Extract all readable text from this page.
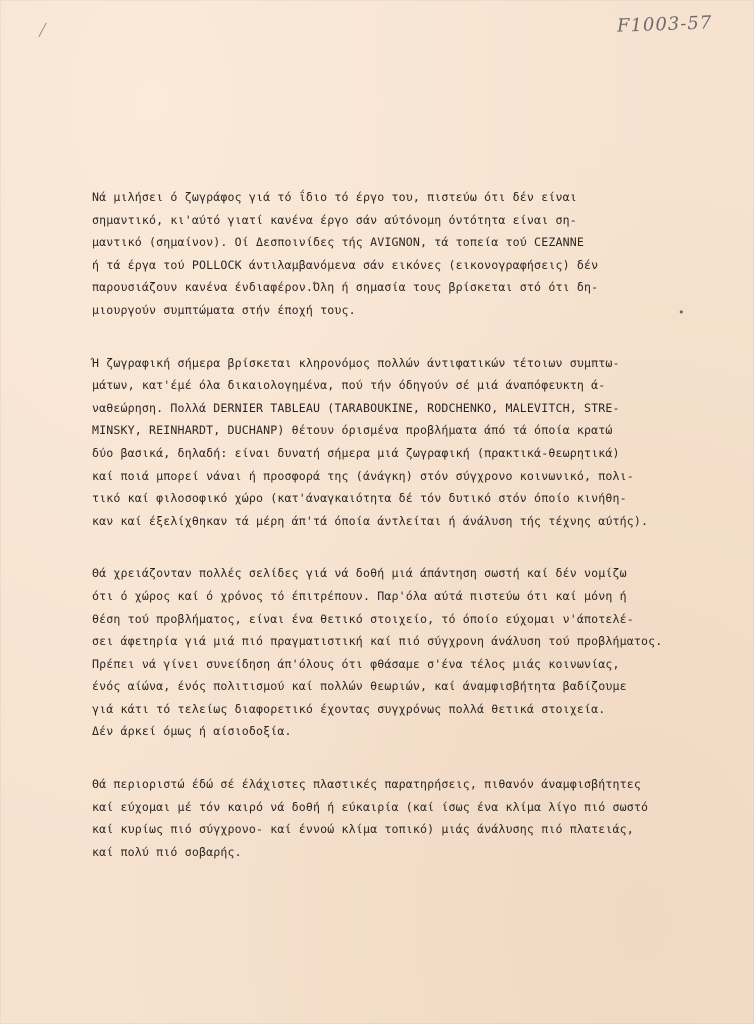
F1003-57
•
Νά μιλήσει ό ζωγράφος γιά τό ΐδιο τό έργο του, πιστεύω ότι δέν είναι
σημαντικό, κι'αύτό γιατί κανένα έργο σάν αύτόνομη όντότητα είναι ση-
μαντικό (σημαίνον). Οί Δεσποινίδες τής AVIGNON, τά τοπεία τού CEZANNE
ή τά έργα τού POLLOCK άντιλαμβανόμενα σάν εικόνες (εικονογραφήσεις) δέν
παρουσιάζουν κανένα ένδιαφέρον.Όλη ή σημασία τους βρίσκεται στό ότι δη-
μιουργούν συμπτώματα στήν έποχή τους.
Ή ζωγραφική σήμερα βρίσκεται κληρονόμος πολλών άντιφατικών τέτοιων συμπτω-
μάτων, κατ'έμέ όλα δικαιολογημένα, πού τήν όδηγούν σέ μιά άναπόφευκτη ά-
ναθεώρηση. Πολλά DERNIER TABLEAU (TARABOUKINE, RODCHENKO, MALEVITCH, STRE-
MINSKY, REINHARDT, DUCHANP) θέτουν όρισμένα προβλήματα άπό τά όποία κρατώ
δύο βασικά, δηλαδή: είναι δυνατή σήμερα μιά ζωγραφική (πρακτικά-θεωρητικά)
καί ποιά μπορεί νάναι ή προσφορά της (άνάγκη) στόν σύγχρονο κοινωνικό, πολι-
τικό καί φιλοσοφικό χώρο (κατ'άναγκαιότητα δέ τόν δυτικό στόν όποίο κινήθη-
καν καί έξελίχθηκαν τά μέρη άπ'τά όποία άντλείται ή άνάλυση τής τέχνης αύτής).
Θά χρειάζονταν πολλές σελίδες γιά νά δοθή μιά άπάντηση σωστή καί δέν νομίζω
ότι ό χώρος καί ό χρόνος τό έπιτρέπουν. Παρ'όλα αύτά πιστεύω ότι καί μόνη ή
θέση τού προβλήματος, είναι ένα θετικό στοιχείο, τό όποίο εύχομαι ν'άποτελέ-
σει άφετηρία γιά μιά πιό πραγματιστική καί πιό σύγχρονη άνάλυση τού προβλήματος.
Πρέπει νά γίνει συνείδηση άπ'όλους ότι φθάσαμε σ'ένα τέλος μιάς κοινωνίας,
ένός αίώνα, ένός πολιτισμού καί πολλών θεωριών, καί άναμφισβήτητα βαδίζουμε
γιά κάτι τό τελείως διαφορετικό έχοντας συγχρόνως πολλά θετικά στοιχεία.
Δέν άρκεί όμως ή αίσιοδοξία.
Θά περιοριστώ έδώ σέ έλάχιστες πλαστικές παρατηρήσεις, πιθανόν άναμφισβήτητες
καί εύχομαι μέ τόν καιρό νά δοθή ή εύκαιρία (καί ίσως ένα κλίμα λίγο πιό σωστό
καί κυρίως πιό σύγχρονο- καί έννοώ κλίμα τοπικό) μιάς άνάλυσης πιό πλατειάς,
καί πολύ πιό σοβαρής.
